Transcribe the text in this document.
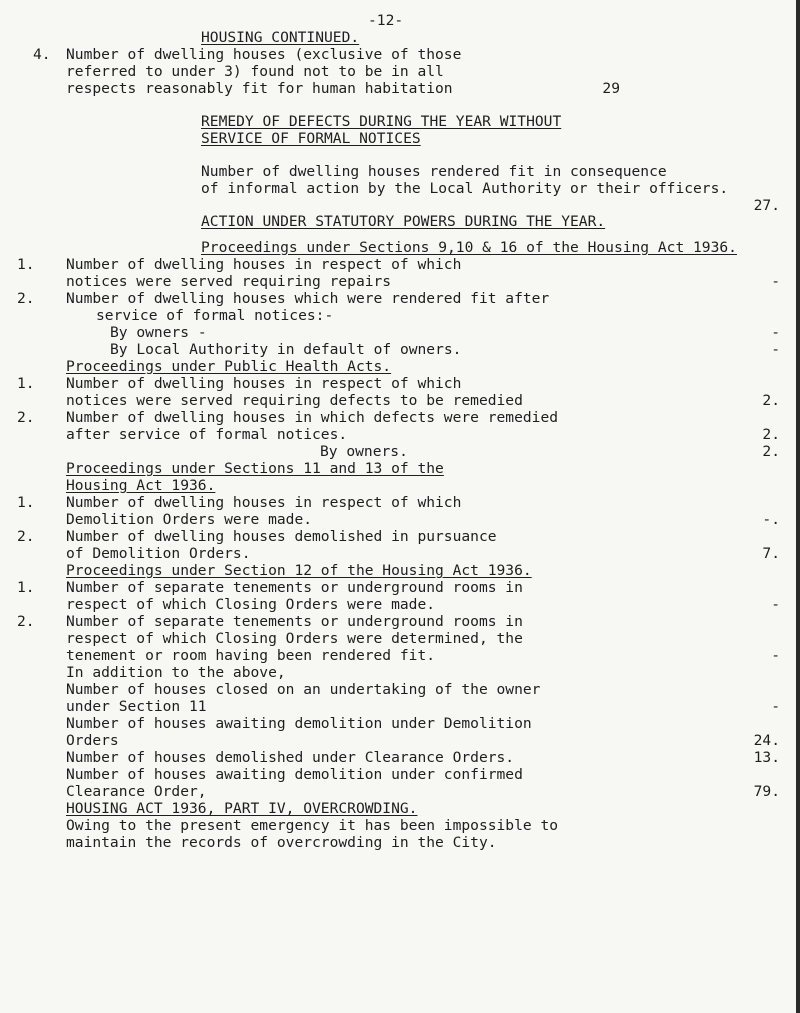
-12-
HOUSING CONTINUED.
4. Number of dwelling houses (exclusive of those
referred to under 3) found not to be in all
respects reasonably fit for human habitation	29
REMEDY OF DEFECTS DURING THE YEAR WITHOUT
SERVICE OF FORMAL NOTICES
Number of dwelling houses rendered fit in consequence
of informal action by the Local Authority or their officers.
27.
ACTION UNDER STATUTORY POWERS DURING THE YEAR.
Proceedings under Sections 9,10 & 16 of the Housing Act 1936.
1. Number of dwelling houses in respect of which
notices were served requiring repairs	-
2. Number of dwelling houses which were rendered fit after
service of formal notices:-
By owners -	-
By Local Authority in default of owners.	-
Proceedings under Public Health Acts.
1. Number of dwelling houses in respect of which
notices were served requiring defects to be remedied	2.
2. Number of dwelling houses in which defects were remedied
after service of formal notices.	2.
By owners.	2.
Proceedings under Sections 11 and 13 of the
Housing Act 1936.
1. Number of dwelling houses in respect of which
Demolition Orders were made.	-.
2. Number of dwelling houses demolished in pursuance
of Demolition Orders.	7.
Proceedings under Section 12 of the Housing Act 1936.
1. Number of separate tenements or underground rooms in
respect of which Closing Orders were made.	-
2. Number of separate tenements or underground rooms in
respect of which Closing Orders were determined, the
tenement or room having been rendered fit.	-
In addition to the above,
Number of houses closed on an undertaking of the owner
under Section 11	-
Number of houses awaiting demolition under Demolition
Orders	24.
Number of houses demolished under Clearance Orders.	13.
Number of houses awaiting demolition under confirmed
Clearance Order,	79.
HOUSING ACT 1936, PART IV, OVERCROWDING.
Owing to the present emergency it has been impossible to
maintain the records of overcrowding in the City.
